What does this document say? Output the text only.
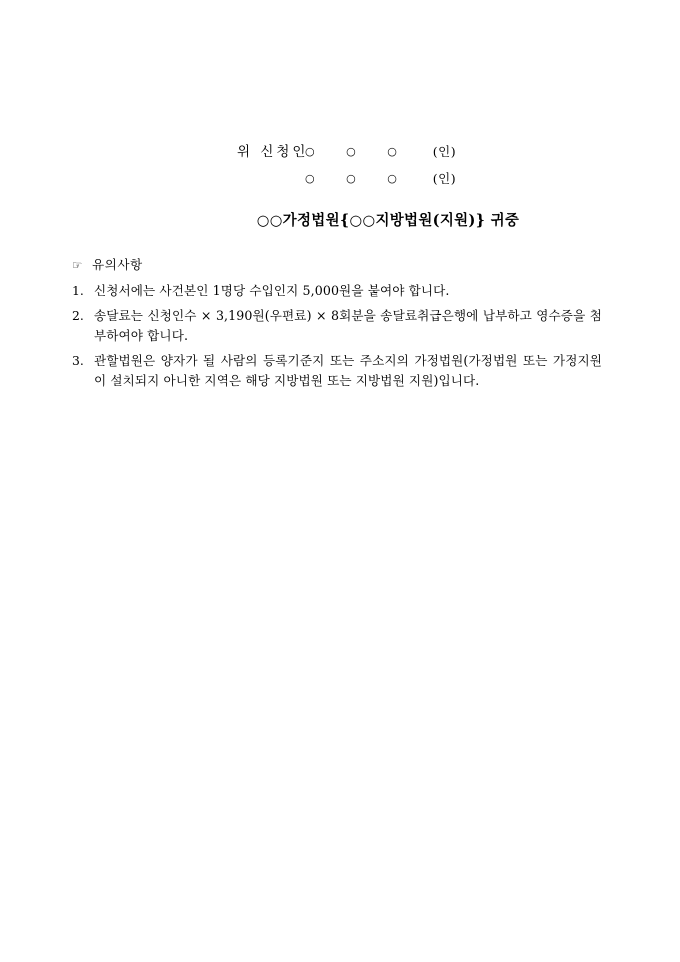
위 신청인
○ ○ ○ (인)
○ ○ ○ (인)
○○가정법원{○○지방법원(지원)} 귀중
☞ 유의사항
1. 신청서에는 사건본인 1명당 수입인지 5,000원을 붙여야 합니다.
2. 송달료는 신청인수 × 3,190원(우편료) × 8회분을 송달료취급은행에 납부하고 영수증을 첨부하여야 합니다.
3. 관할법원은 양자가 될 사람의 등록기준지 또는 주소지의 가정법원(가정법원 또는 가정지원이 설치되지 아니한 지역은 해당 지방법원 또는 지방법원 지원)입니다.
